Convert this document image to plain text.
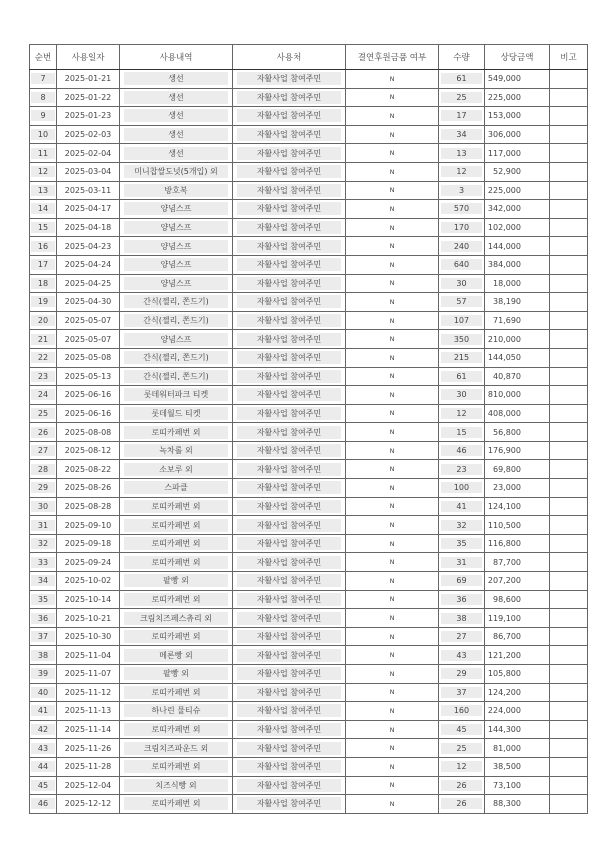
순번	사용일자	사용내역	사용처	결연후원금품 여부	수량	상당금액	비고
7	2025-01-21	생선	자활사업 참여주민	N	61	549,000	
8	2025-01-22	생선	자활사업 참여주민	N	25	225,000	
9	2025-01-23	생선	자활사업 참여주민	N	17	153,000	
10	2025-02-03	생선	자활사업 참여주민	N	34	306,000	
11	2025-02-04	생선	자활사업 참여주민	N	13	117,000	
12	2025-03-04	미니찹쌀도넛(5개입) 외	자활사업 참여주민	N	12	52,900	
13	2025-03-11	방호복	자활사업 참여주민	N	3	225,000	
14	2025-04-17	양념스프	자활사업 참여주민	N	570	342,000	
15	2025-04-18	양념스프	자활사업 참여주민	N	170	102,000	
16	2025-04-23	양념스프	자활사업 참여주민	N	240	144,000	
17	2025-04-24	양념스프	자활사업 참여주민	N	640	384,000	
18	2025-04-25	양념스프	자활사업 참여주민	N	30	18,000	
19	2025-04-30	간식(젤리, 쫀드기)	자활사업 참여주민	N	57	38,190	
20	2025-05-07	간식(젤리, 쫀드기)	자활사업 참여주민	N	107	71,690	
21	2025-05-07	양념스프	자활사업 참여주민	N	350	210,000	
22	2025-05-08	간식(젤리, 쫀드기)	자활사업 참여주민	N	215	144,050	
23	2025-05-13	간식(젤리, 쫀드기)	자활사업 참여주민	N	61	40,870	
24	2025-06-16	롯데워터파크 티켓	자활사업 참여주민	N	30	810,000	
25	2025-06-16	롯데월드 티켓	자활사업 참여주민	N	12	408,000	
26	2025-08-08	로띠카페번 외	자활사업 참여주민	N	15	56,800	
27	2025-08-12	녹차롤 외	자활사업 참여주민	N	46	176,900	
28	2025-08-22	소보루 외	자활사업 참여주민	N	23	69,800	
29	2025-08-26	스파클	자활사업 참여주민	N	100	23,000	
30	2025-08-28	로띠카페번 외	자활사업 참여주민	N	41	124,100	
31	2025-09-10	로띠카페번 외	자활사업 참여주민	N	32	110,500	
32	2025-09-18	로띠카페번 외	자활사업 참여주민	N	35	116,800	
33	2025-09-24	로띠카페번 외	자활사업 참여주민	N	31	87,700	
34	2025-10-02	팥빵 외	자활사업 참여주민	N	69	207,200	
35	2025-10-14	로띠카페번 외	자활사업 참여주민	N	36	98,600	
36	2025-10-21	크림치즈페스츄리 외	자활사업 참여주민	N	38	119,100	
37	2025-10-30	로띠카페번 외	자활사업 참여주민	N	27	86,700	
38	2025-11-04	메론빵 외	자활사업 참여주민	N	43	121,200	
39	2025-11-07	팥빵 외	자활사업 참여주민	N	29	105,800	
40	2025-11-12	로띠카페번 외	자활사업 참여주민	N	37	124,200	
41	2025-11-13	하나린 물티슈	자활사업 참여주민	N	160	224,000	
42	2025-11-14	로띠카페번 외	자활사업 참여주민	N	45	144,300	
43	2025-11-26	크림치즈파운드 외	자활사업 참여주민	N	25	81,000	
44	2025-11-28	로띠카페번 외	자활사업 참여주민	N	12	38,500	
45	2025-12-04	치즈식빵 외	자활사업 참여주민	N	26	73,100	
46	2025-12-12	로띠카페번 외	자활사업 참여주민	N	26	88,300	
